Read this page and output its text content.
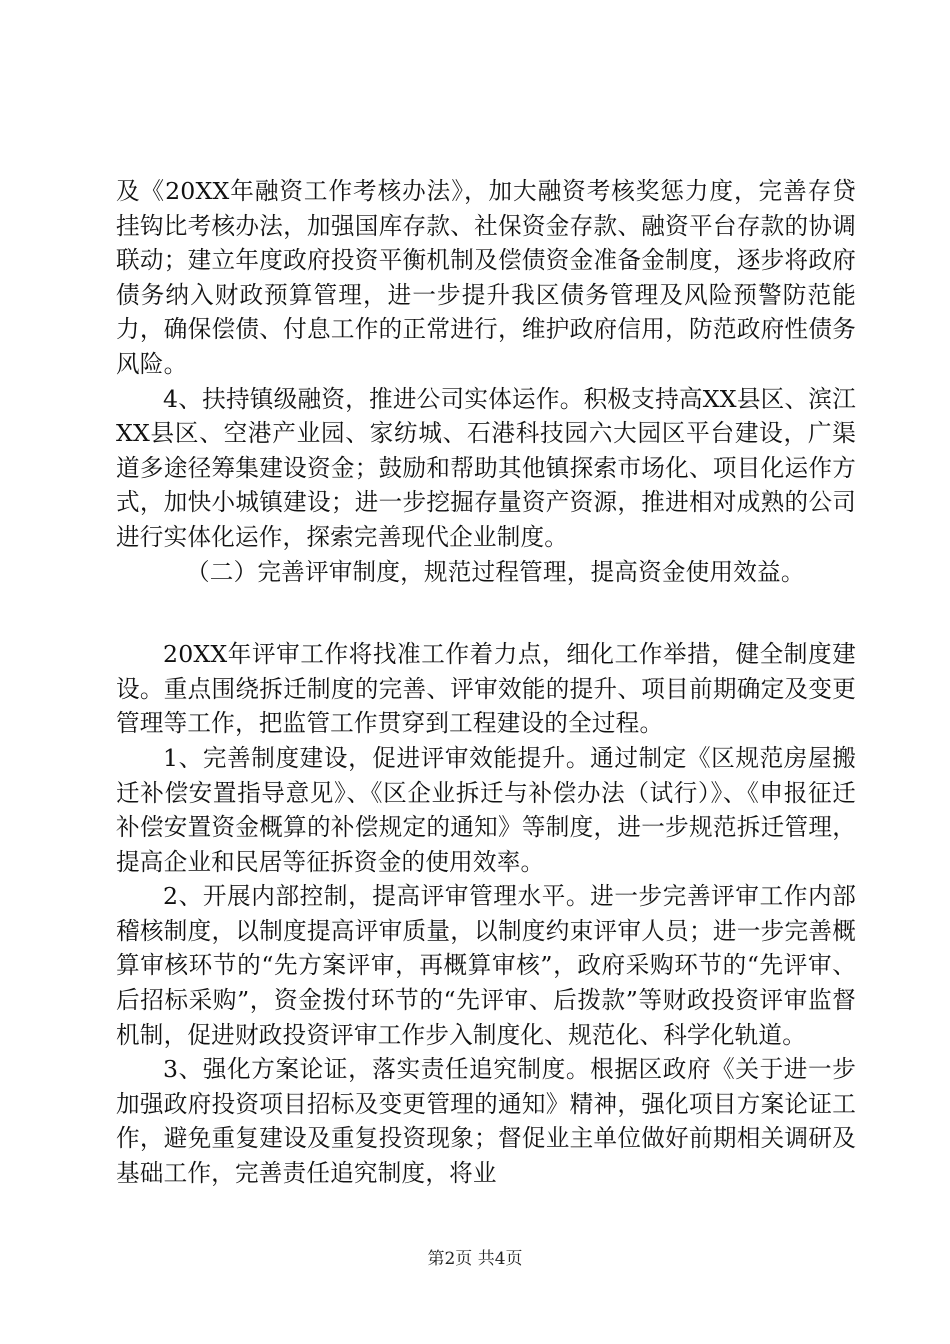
及《20XX年融资工作考核办法》，加大融资考核奖惩力度，完善存贷挂钩比考核办法，加强国库存款、社保资金存款、融资平台存款的协调联动；建立年度政府投资平衡机制及偿债资金准备金制度，逐步将政府债务纳入财政预算管理，进一步提升我区债务管理及风险预警防范能力，确保偿债、付息工作的正常进行，维护政府信用，防范政府性债务风险。

4、扶持镇级融资，推进公司实体运作。积极支持高XX县区、滨江XX县区、空港产业园、家纺城、石港科技园六大园区平台建设，广渠道多途径筹集建设资金；鼓励和帮助其他镇探索市场化、项目化运作方式，加快小城镇建设；进一步挖掘存量资产资源，推进相对成熟的公司进行实体化运作，探索完善现代企业制度。

（二）完善评审制度，规范过程管理，提高资金使用效益。

20XX年评审工作将找准工作着力点，细化工作举措，健全制度建设。重点围绕拆迁制度的完善、评审效能的提升、项目前期确定及变更管理等工作，把监管工作贯穿到工程建设的全过程。

1、完善制度建设，促进评审效能提升。通过制定《区规范房屋搬迁补偿安置指导意见》、《区企业拆迁与补偿办法（试行）》、《申报征迁补偿安置资金概算的补偿规定的通知》等制度，进一步规范拆迁管理，提高企业和民居等征拆资金的使用效率。

2、开展内部控制，提高评审管理水平。进一步完善评审工作内部稽核制度，以制度提高评审质量，以制度约束评审人员；进一步完善概算审核环节的“先方案评审，再概算审核”，政府采购环节的“先评审、后招标采购”，资金拨付环节的“先评审、后拨款”等财政投资评审监督机制，促进财政投资评审工作步入制度化、规范化、科学化轨道。

3、强化方案论证，落实责任追究制度。根据区政府《关于进一步加强政府投资项目招标及变更管理的通知》精神，强化项目方案论证工作，避免重复建设及重复投资现象；督促业主单位做好前期相关调研及基础工作，完善责任追究制度，将业

第2页 共4页
